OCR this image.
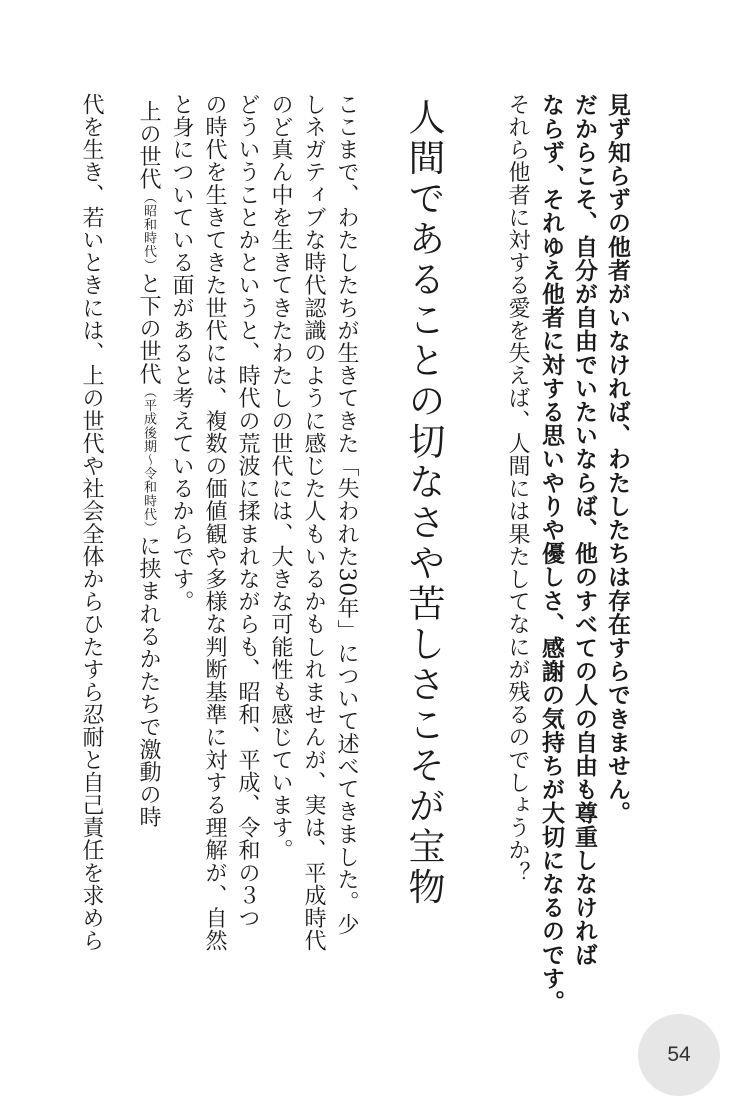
見ず知らずの他者がいなければ、わたしたちは存在すらできません。
だからこそ、自分が自由でいたいならば、他のすべての人の自由も尊重しなければ
ならず、それゆえ他者に対する思いやりや優しさ、感謝の気持ちが大切になるのです。
それら他者に対する愛を失えば、人間には果たしてなにが残るのでしょうか？
人間であることの切なさや苦しさこそが宝物
ここまで、わたしたちが生きてきた「失われた30年」について述べてきました。少
しネガティブな時代認識のように感じた人もいるかもしれませんが、実は、平成時代
のど真ん中を生きてきたわたしの世代には、大きな可能性も感じています。
どういうことかというと、時代の荒波に揉まれながらも、昭和、平成、令和の３つ
の時代を生きてきた世代には、複数の価値観や多様な判断基準に対する理解が、自然
と身についている面があると考えているからです。
上の世代（昭和時代）と下の世代（平成後期〜令和時代）に挟まれるかたちで激動の時
代を生き、若いときには、上の世代や社会全体からひたすら忍耐と自己責任を求めら
54
